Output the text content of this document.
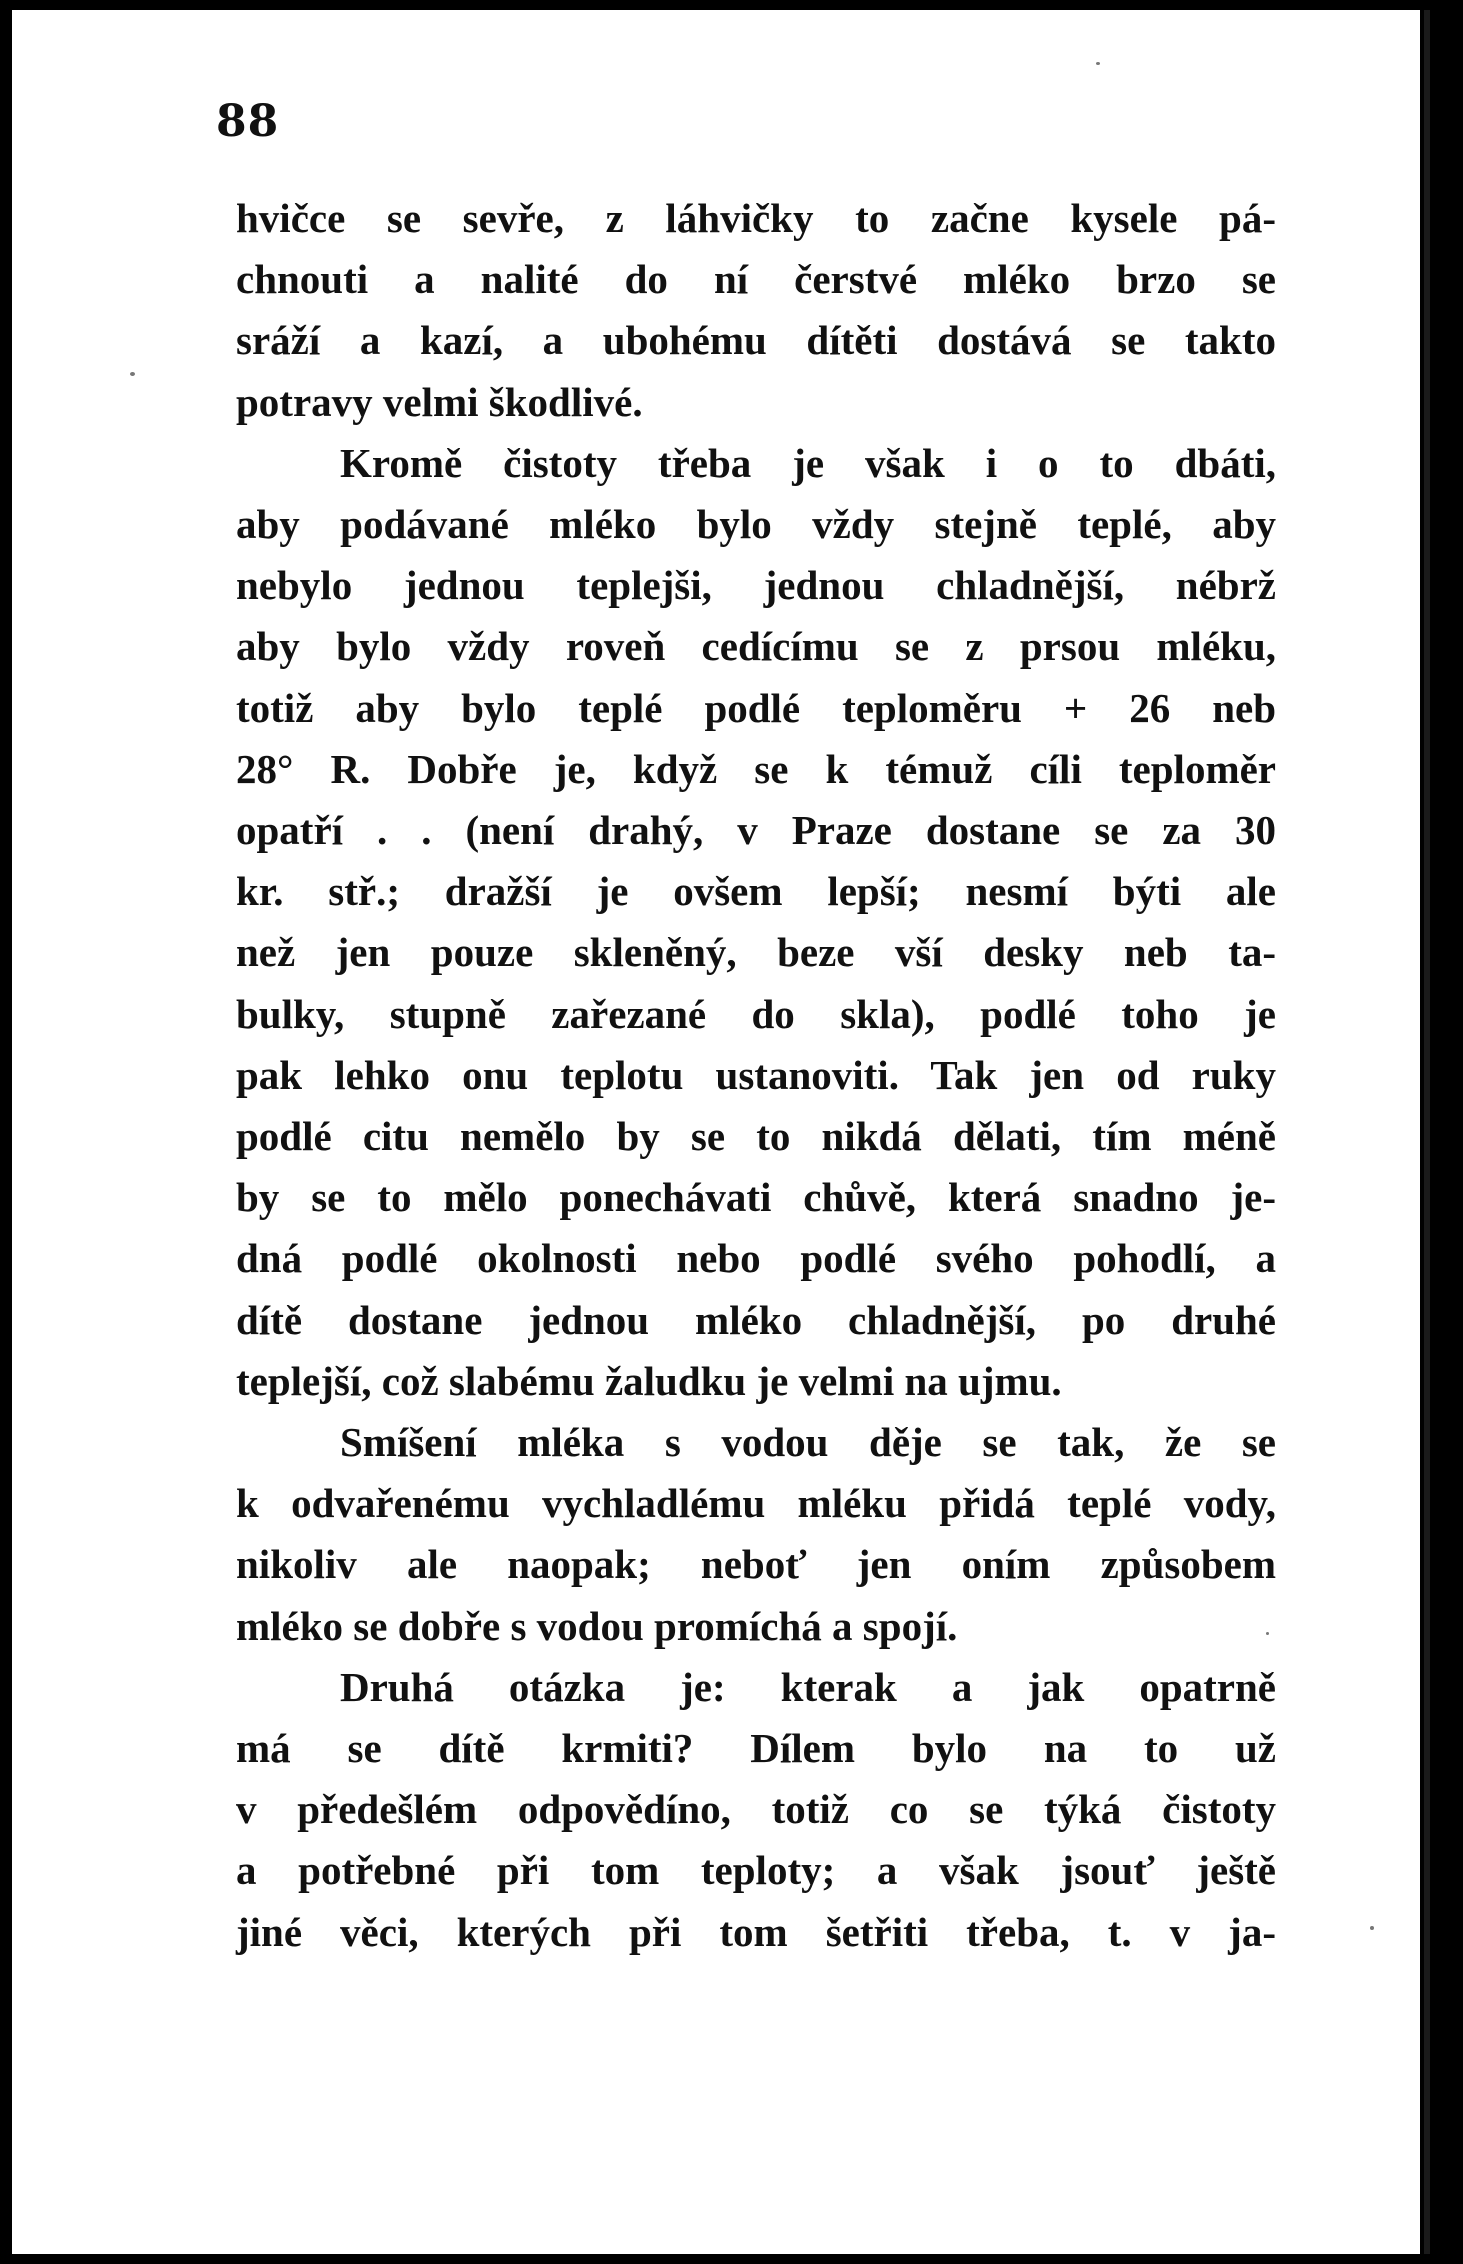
88
hvičce se sevře, z láhvičky to začne kysele pá-
chnouti a nalité do ní čerstvé mléko brzo se
sráží a kazí, a ubohému dítěti dostává se takto
potravy velmi škodlivé.
Kromě čistoty třeba je však i o to dbáti,
aby podávané mléko bylo vždy stejně teplé, aby
nebylo jednou teplejši, jednou chladnější, nébrž
aby bylo vždy roveň cedícímu se z prsou mléku,
totiž aby bylo teplé podlé teploměru + 26 neb
28° R. Dobře je, když se k témuž cíli teploměr
opatří . . (není drahý, v Praze dostane se za 30
kr. stř.; dražší je ovšem lepší; nesmí býti ale
než jen pouze skleněný, beze vší desky neb ta-
bulky, stupně zařezané do skla), podlé toho je
pak lehko onu teplotu ustanoviti. Tak jen od ruky
podlé citu nemělo by se to nikdá dělati, tím méně
by se to mělo ponechávati chůvě, která snadno je-
dná podlé okolnosti nebo podlé svého pohodlí, a
dítě dostane jednou mléko chladnější, po druhé
teplejší, což slabému žaludku je velmi na ujmu.
Smíšení mléka s vodou děje se tak, že se
k odvařenému vychladlému mléku přidá teplé vody,
nikoliv ale naopak; neboť jen oním způsobem
mléko se dobře s vodou promíchá a spojí.
Druhá otázka je: kterak a jak opatrně
má se dítě krmiti? Dílem bylo na to už
v předešlém odpovědíno, totiž co se týká čistoty
a potřebné při tom teploty; a však jsouť ještě
jiné věci, kterých při tom šetřiti třeba, t. v ja-
